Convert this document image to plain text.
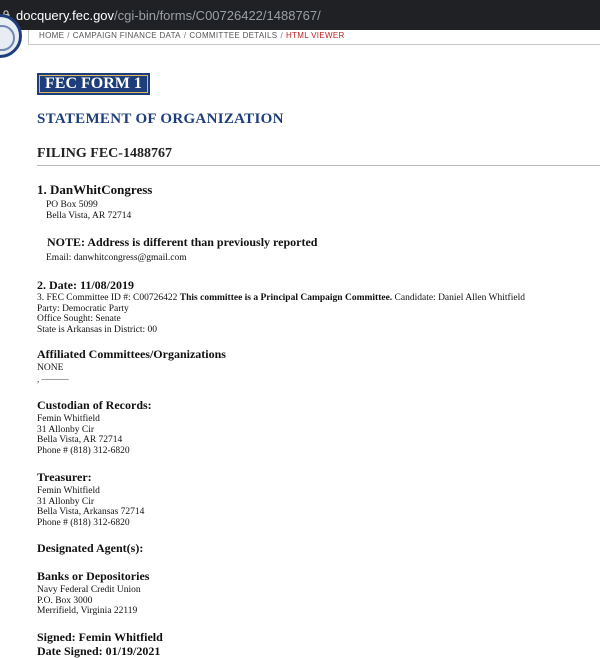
docquery.fec.gov /cgi-bin/forms/C00726422/1488767/
HOME / CAMPAIGN FINANCE DATA / COMMITTEE DETAILS / HTML VIEWER
FEC FORM 1
STATEMENT OF ORGANIZATION
FILING FEC-1488767
1. DanWhitCongress
PO Box 5099
Bella Vista, AR 72714
NOTE: Address is different than previously reported
Email: danwhitcongress@gmail.com
2. Date: 11/08/2019
3. FEC Committee ID #: C00726422 This committee is a Principal Campaign Committee. Candidate: Daniel Allen Whitfield
Party: Democratic Party
Office Sought: Senate
State is Arkansas in District: 00
Affiliated Committees/Organizations
NONE
, ———
Custodian of Records:
Femin Whitfield
31 Allonby Cir
Bella Vista, AR 72714
Phone # (818) 312-6820
Treasurer:
Femin Whitfield
31 Allonby Cir
Bella Vista, Arkansas 72714
Phone # (818) 312-6820
Designated Agent(s):
Banks or Depositories
Navy Federal Credit Union
P.O. Box 3000
Merrifield, Virginia 22119
Signed: Femin Whitfield
Date Signed: 01/19/2021
